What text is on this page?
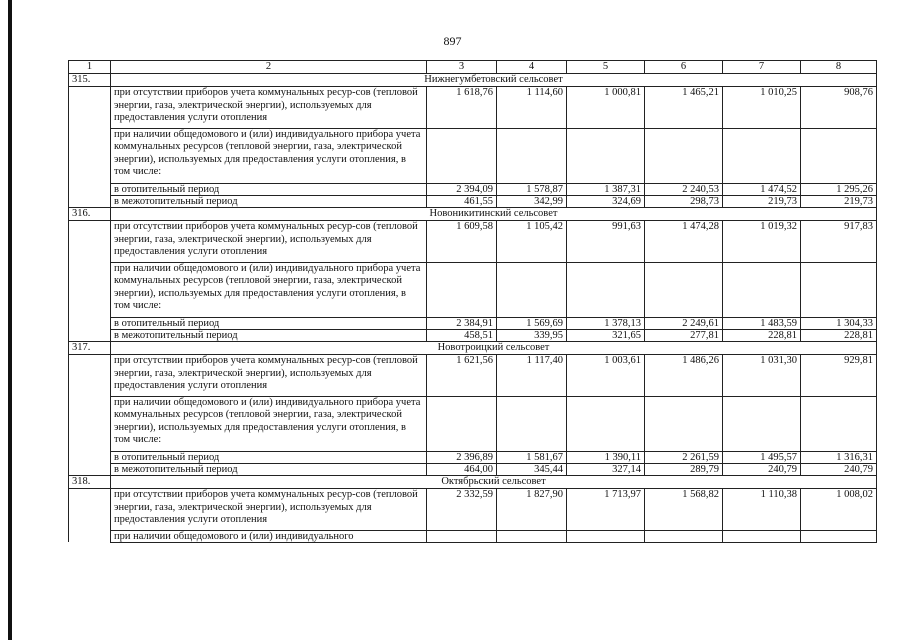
897
1	2	3	4	5	6	7	8
315.	Нижнегумбетовский сельсовет						
	при отсутствии приборов учета коммунальных ресур-сов (тепловой энергии, газа, электрической энергии), используемых для предоставления услуги отопления	1 618,76	1 114,60	1 000,81	1 465,21	1 010,25	908,76
	при наличии общедомового и (или) индивидуального прибора учета коммунальных ресурсов (тепловой энергии, газа, электрической энергии), используемых для предоставления услуги отопления, в том числе:						
	в отопительный период	2 394,09	1 578,87	1 387,31	2 240,53	1 474,52	1 295,26
	в межотопительный период	461,55	342,99	324,69	298,73	219,73	219,73
316.	Новоникитинский сельсовет						
	при отсутствии приборов учета коммунальных ресур-сов (тепловой энергии, газа, электрической энергии), используемых для предоставления услуги отопления	1 609,58	1 105,42	991,63	1 474,28	1 019,32	917,83
	при наличии общедомового и (или) индивидуального прибора учета коммунальных ресурсов (тепловой энергии, газа, электрической энергии), используемых для предоставления услуги отопления, в том числе:						
	в отопительный период	2 384,91	1 569,69	1 378,13	2 249,61	1 483,59	1 304,33
	в межотопительный период	458,51	339,95	321,65	277,81	228,81	228,81
317.	Новотроицкий сельсовет						
	при отсутствии приборов учета коммунальных ресур-сов (тепловой энергии, газа, электрической энергии), используемых для предоставления услуги отопления	1 621,56	1 117,40	1 003,61	1 486,26	1 031,30	929,81
	при наличии общедомового и (или) индивидуального прибора учета коммунальных ресурсов (тепловой энергии, газа, электрической энергии), используемых для предоставления услуги отопления, в том числе:						
	в отопительный период	2 396,89	1 581,67	1 390,11	2 261,59	1 495,57	1 316,31
	в межотопительный период	464,00	345,44	327,14	289,79	240,79	240,79
318.	Октябрьский сельсовет						
	при отсутствии приборов учета коммунальных ресур-сов (тепловой энергии, газа, электрической энергии), используемых для предоставления услуги отопления	2 332,59	1 827,90	1 713,97	1 568,82	1 110,38	1 008,02
	при наличии общедомового и (или) индивидуального						
